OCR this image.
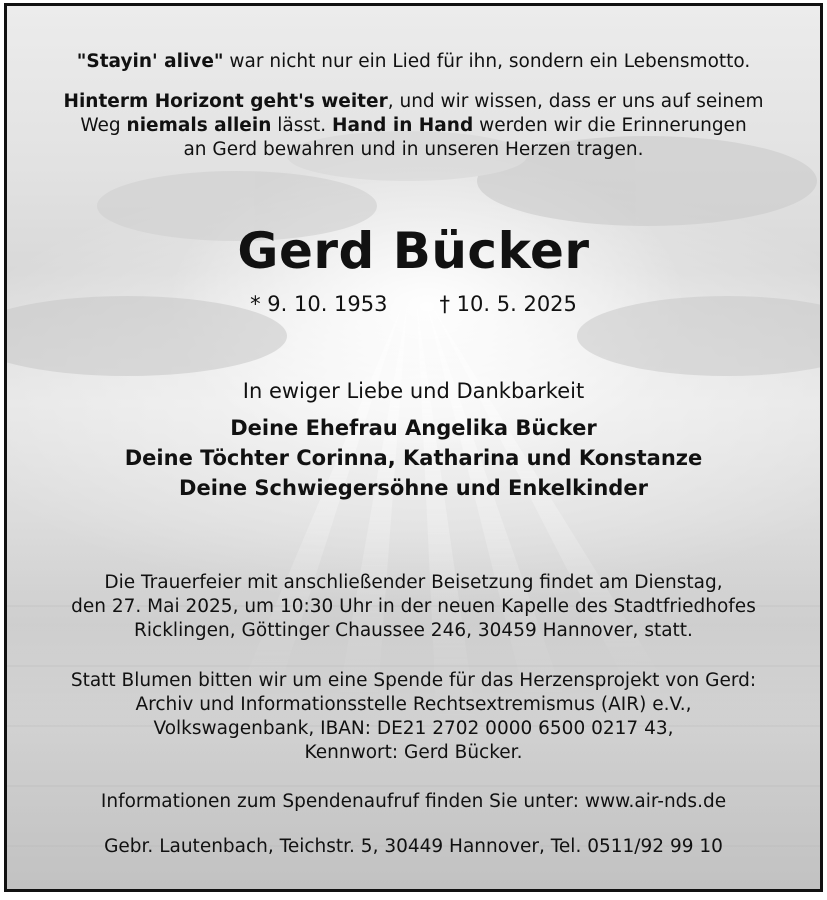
"Stayin' alive" war nicht nur ein Lied für ihn, sondern ein Lebensmotto.
Hinterm Horizont geht's weiter, und wir wissen, dass er uns auf seinem
Weg niemals allein lässt. Hand in Hand werden wir die Erinnerungen
an Gerd bewahren und in unseren Herzen tragen.
Gerd Bücker
* 9. 10. 1953 † 10. 5. 2025
In ewiger Liebe und Dankbarkeit
Deine Ehefrau Angelika Bücker
Deine Töchter Corinna, Katharina und Konstanze
Deine Schwiegersöhne und Enkelkinder
Die Trauerfeier mit anschließender Beisetzung findet am Dienstag,
den 27. Mai 2025, um 10:30 Uhr in der neuen Kapelle des Stadtfriedhofes
Ricklingen, Göttinger Chaussee 246, 30459 Hannover, statt.
Statt Blumen bitten wir um eine Spende für das Herzensprojekt von Gerd:
Archiv und Informationsstelle Rechtsextremismus (AIR) e.V.,
Volkswagenbank, IBAN: DE21 2702 0000 6500 0217 43,
Kennwort: Gerd Bücker.
Informationen zum Spendenaufruf finden Sie unter: www.air-nds.de
Gebr. Lautenbach, Teichstr. 5, 30449 Hannover, Tel. 0511/92 99 10
